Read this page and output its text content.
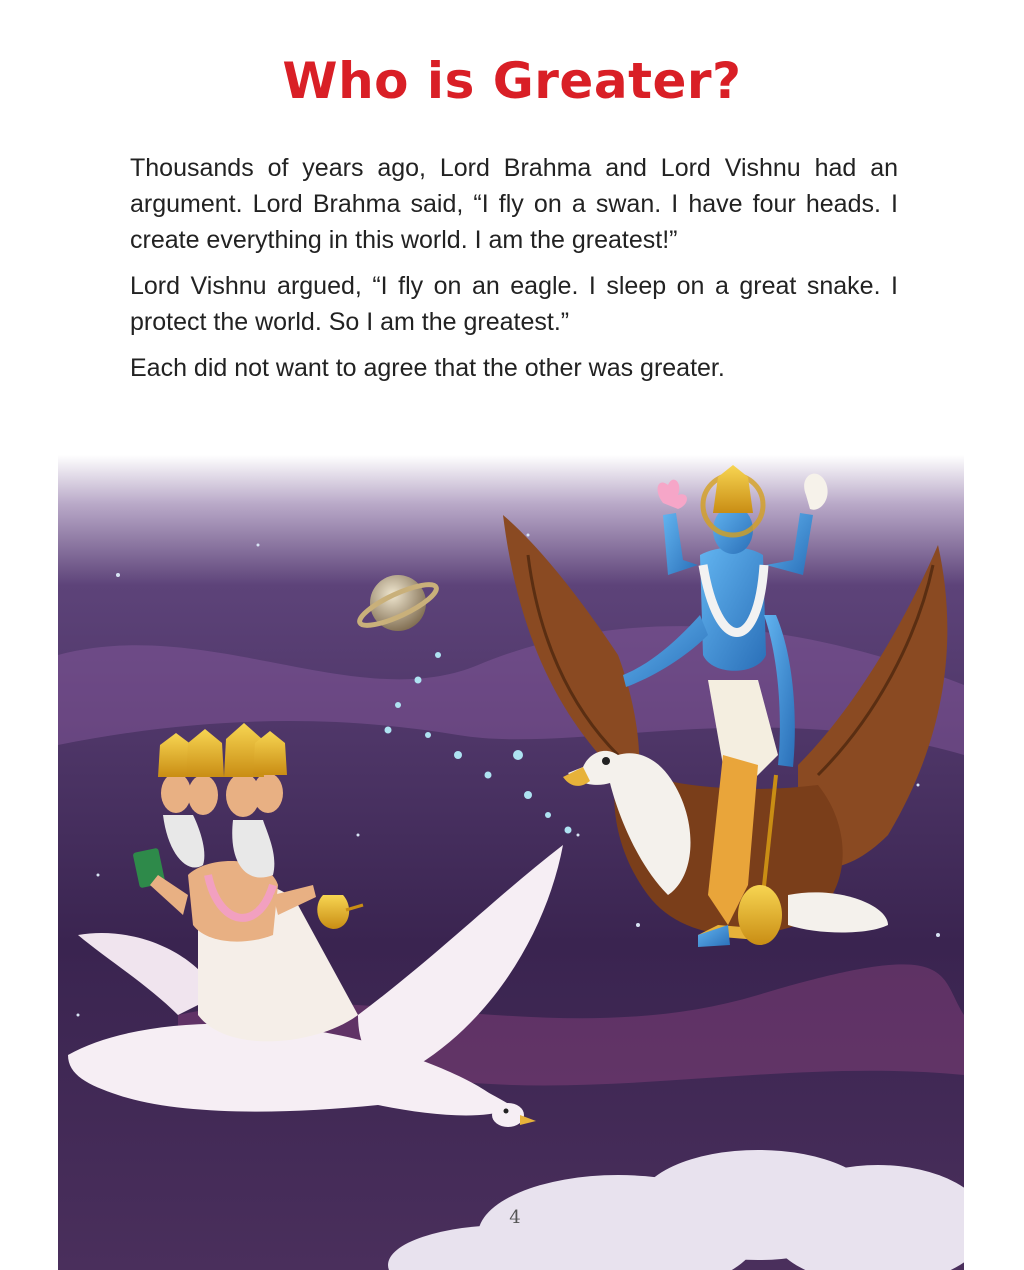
Who is Greater?

Thousands of years ago, Lord Brahma and Lord Vishnu had an argument. Lord Brahma said, “I fly on a swan. I have four heads. I create everything in this world. I am the greatest!”

Lord Vishnu argued, “I fly on an eagle. I sleep on a great snake. I protect the world. So I am the greatest.”

Each did not want to agree that the other was greater.

4
